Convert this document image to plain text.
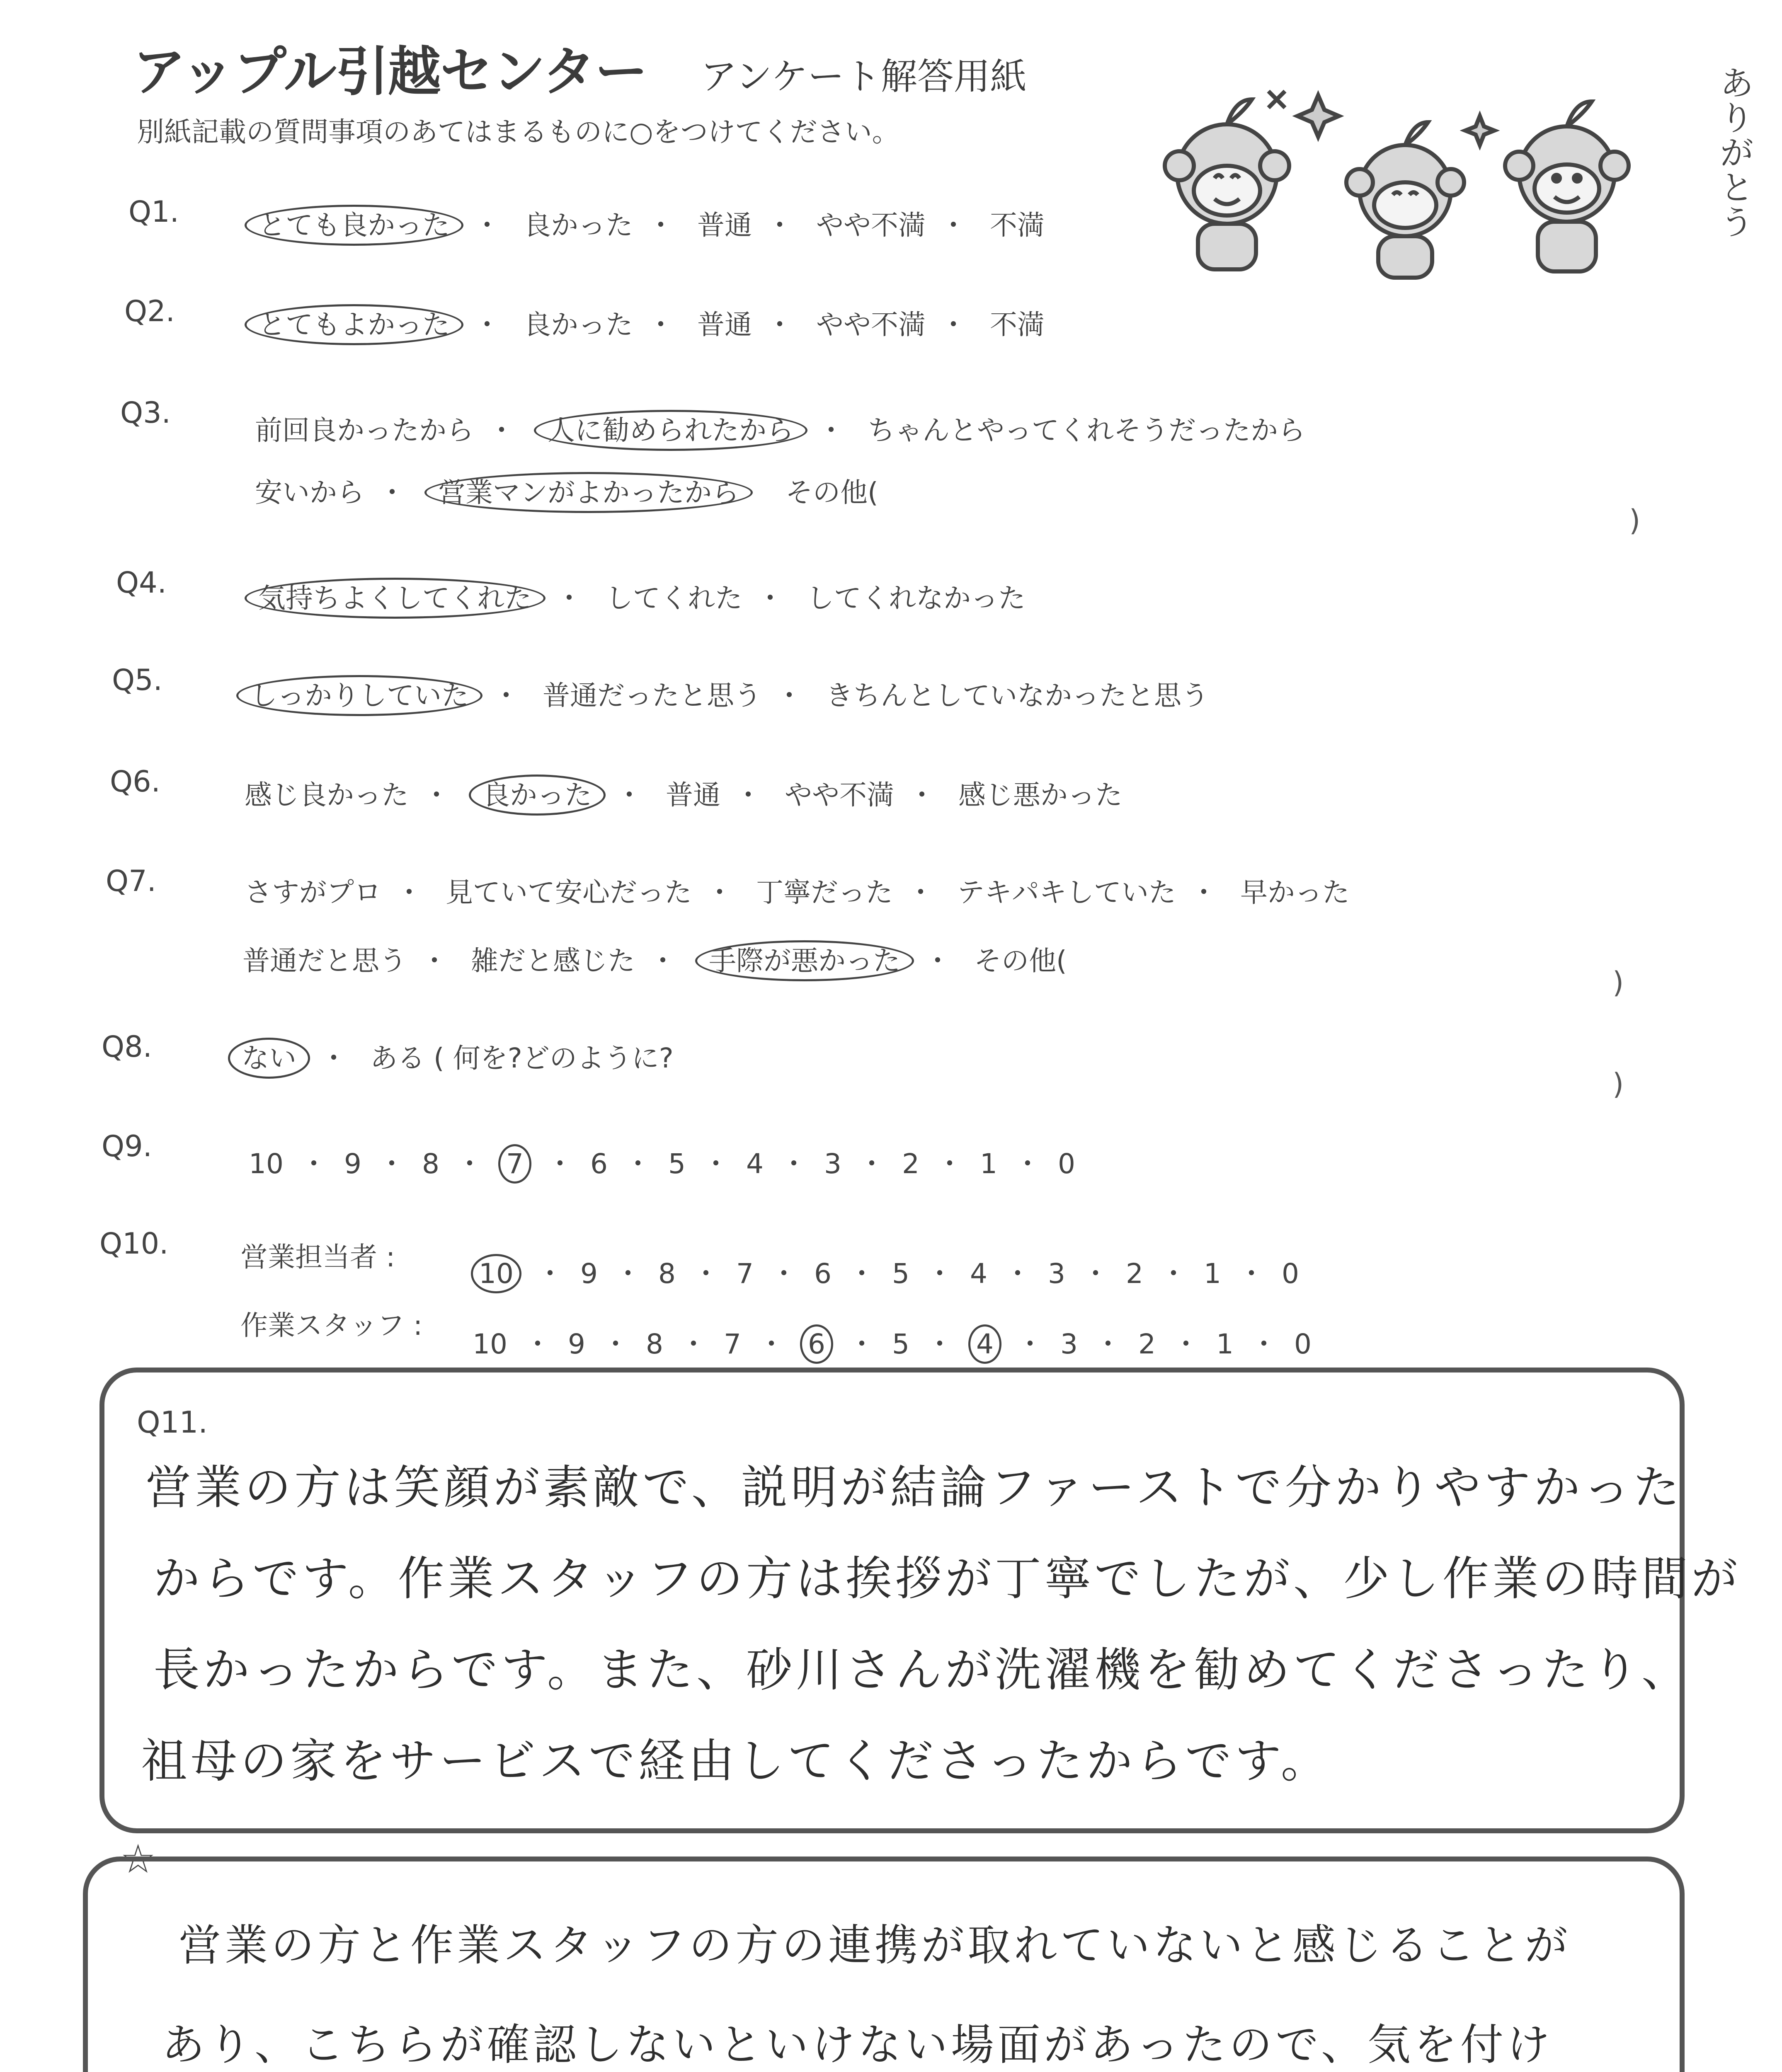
アップル引越センター アンケート解答用紙
別紙記載の質問事項のあてはまるものに○をつけてください。
ありがとう
Q1.	とても良かった ・ 良かった ・ 普通 ・ やや不満 ・ 不満
Q2.	とてもよかった ・ 良かった ・ 普通 ・ やや不満 ・ 不満
Q3.
前回良かったから ・ 人に勧められたから ・ ちゃんとやってくれそうだったから
安いから ・ 営業マンがよかったから その他(
)
Q4.	気持ちよくしてくれた ・ してくれた ・ してくれなかった
Q5.	しっかりしていた ・ 普通だったと思う ・ きちんとしていなかったと思う
Q6.	感じ良かった ・ 良かった ・ 普通 ・ やや不満 ・ 感じ悪かった
Q7.	さすがプロ ・ 見ていて安心だった ・ 丁寧だった ・ テキパキしていた ・ 早かった
普通だと思う ・ 雑だと感じた ・ 手際が悪かった ・ その他(
)
Q8.	ない ・ ある ( 何を?どのように?
)
Q9.
10 ・ 9 ・ 8 ・ 7 ・ 6 ・ 5 ・ 4 ・ 3 ・ 2 ・ 1 ・ 0
Q10.	営業担当者 :
10 ・ 9 ・ 8 ・ 7 ・ 6 ・ 5 ・ 4 ・ 3 ・ 2 ・ 1 ・ 0
作業スタッフ :
10 ・ 9 ・ 8 ・ 7 ・ 6 ・ 5 ・ 4 ・ 3 ・ 2 ・ 1 ・ 0
Q11.
営業の方は笑顔が素敵で、説明が結論ファーストで分かりやすかった
からです。作業スタッフの方は挨拶が丁寧でしたが、少し作業の時間が
長かったからです。また、砂川さんが洗濯機を勧めてくださったり、
祖母の家をサービスで経由してくださったからです。
☆
営業の方と作業スタッフの方の連携が取れていないと感じることが
あり、こちらが確認しないといけない場面があったので、気を付け
